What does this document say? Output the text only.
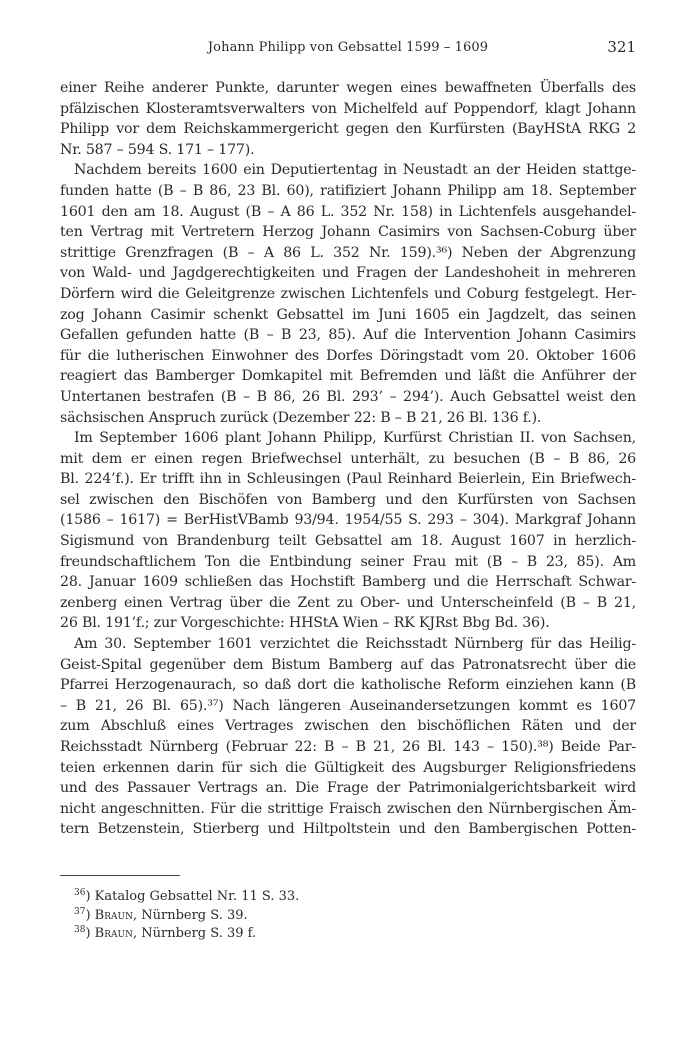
Johann Philipp von Gebsattel 1599 – 1609	321
einer Reihe anderer Punkte, darunter wegen eines bewaffneten Überfalls des
pfälzischen Klosteramtsverwalters von Michelfeld auf Poppendorf, klagt Johann
Philipp vor dem Reichskammergericht gegen den Kurfürsten (BayHStA RKG 2
Nr. 587 – 594 S. 171 – 177).
Nachdem bereits 1600 ein Deputiertentag in Neustadt an der Heiden stattge-
funden hatte (B – B 86, 23 Bl. 60), ratifiziert Johann Philipp am 18. September
1601 den am 18. August (B – A 86 L. 352 Nr. 158) in Lichtenfels ausgehandel-
ten Vertrag mit Vertretern Herzog Johann Casimirs von Sachsen-Coburg über
strittige Grenzfragen (B – A 86 L. 352 Nr. 159).³⁶) Neben der Abgrenzung
von Wald- und Jagdgerechtigkeiten und Fragen der Landeshoheit in mehreren
Dörfern wird die Geleitgrenze zwischen Lichtenfels und Coburg festgelegt. Her-
zog Johann Casimir schenkt Gebsattel im Juni 1605 ein Jagdzelt, das seinen
Gefallen gefunden hatte (B – B 23, 85). Auf die Intervention Johann Casimirs
für die lutherischen Einwohner des Dorfes Döringstadt vom 20. Oktober 1606
reagiert das Bamberger Domkapitel mit Befremden und läßt die Anführer der
Untertanen bestrafen (B – B 86, 26 Bl. 293’ – 294’). Auch Gebsattel weist den
sächsischen Anspruch zurück (Dezember 22: B – B 21, 26 Bl. 136 f.).
Im September 1606 plant Johann Philipp, Kurfürst Christian II. von Sachsen,
mit dem er einen regen Briefwechsel unterhält, zu besuchen (B – B 86, 26
Bl. 224’f.). Er trifft ihn in Schleusingen (Paul Reinhard Beierlein, Ein Briefwech-
sel zwischen den Bischöfen von Bamberg und den Kurfürsten von Sachsen
(1586 – 1617) = BerHistVBamb 93/94. 1954/55 S. 293 – 304). Markgraf Johann
Sigismund von Brandenburg teilt Gebsattel am 18. August 1607 in herzlich-
freundschaftlichem Ton die Entbindung seiner Frau mit (B – B 23, 85). Am
28. Januar 1609 schließen das Hochstift Bamberg und die Herrschaft Schwar-
zenberg einen Vertrag über die Zent zu Ober- und Unterscheinfeld (B – B 21,
26 Bl. 191’f.; zur Vorgeschichte: HHStA Wien – RK KJRst Bbg Bd. 36).
Am 30. September 1601 verzichtet die Reichsstadt Nürnberg für das Heilig-
Geist-Spital gegenüber dem Bistum Bamberg auf das Patronatsrecht über die
Pfarrei Herzogenaurach, so daß dort die katholische Reform einziehen kann (B
– B 21, 26 Bl. 65).³⁷) Nach längeren Auseinandersetzungen kommt es 1607
zum Abschluß eines Vertrages zwischen den bischöflichen Räten und der
Reichsstadt Nürnberg (Februar 22: B – B 21, 26 Bl. 143 – 150).³⁸) Beide Par-
teien erkennen darin für sich die Gültigkeit des Augsburger Religionsfriedens
und des Passauer Vertrags an. Die Frage der Patrimonialgerichtsbarkeit wird
nicht angeschnitten. Für die strittige Fraisch zwischen den Nürnbergischen Äm-
tern Betzenstein, Stierberg und Hiltpoltstein und den Bambergischen Potten-
$^{36}$) Katalog Gebsattel Nr. 11 S. 33.
$^{37}$) Braun, Nürnberg S. 39.
$^{38}$) Braun, Nürnberg S. 39 f.
